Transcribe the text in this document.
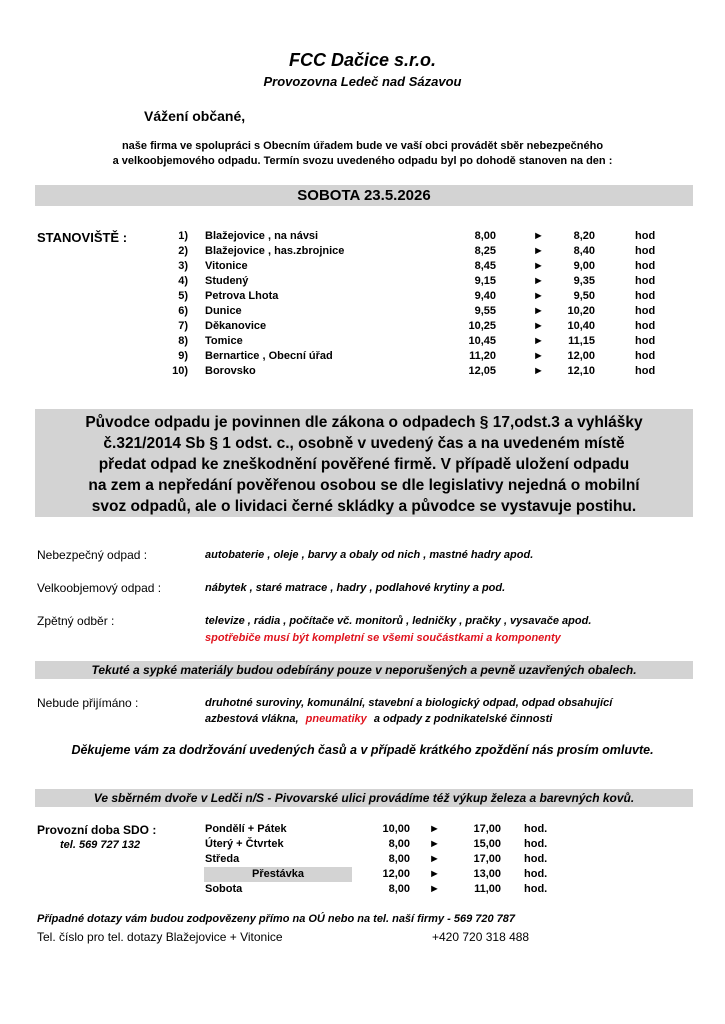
FCC Dačice s.r.o.
Provozovna Ledeč nad Sázavou
Vážení občané,
naše firma ve spolupráci s Obecním úřadem bude ve vaší obci provádět sběr nebezpečného
a velkoobjemového odpadu. Termín svozu uvedeného odpadu byl po dohodě stanoven na den :
SOBOTA 23.5.2026
STANOVIŠTĚ :	1) Blažejovice , na návsi	8,00	►	8,20	hod
2) Blažejovice , has.zbrojnice	8,25	►	8,40	hod
3) Vitonice	8,45	►	9,00	hod
4) Studený	9,15	►	9,35	hod
5) Petrova Lhota	9,40	►	9,50	hod
6) Dunice	9,55	►	10,20	hod
7) Děkanovice	10,25	►	10,40	hod
8) Tomice	10,45	►	11,15	hod
9) Bernartice , Obecní úřad	11,20	►	12,00	hod
10) Borovsko	12,05	►	12,10	hod
Původce odpadu je povinnen dle zákona o odpadech § 17,odst.3 a vyhlášky
č.321/2014 Sb § 1 odst. c., osobně v uvedený čas a na uvedeném místě
předat odpad ke zneškodnění pověřené firmě. V případě uložení odpadu
na zem a nepředání pověřenou osobou se dle legislativy nejedná o mobilní
svoz odpadů, ale o lividaci černé skládky a původce se vystavuje postihu.
Nebezpečný odpad :	autobaterie , oleje , barvy a obaly od nich , mastné hadry apod.
Velkoobjemový odpad :	nábytek , staré matrace , hadry , podlahové krytiny a pod.
Zpětný odběr :	televize , rádia , počítače vč. monitorů , ledničky , pračky , vysavače apod.
spotřebiče musí být kompletní se všemi součástkami a komponenty
Tekuté a sypké materiály budou odebírány pouze v neporušených a pevně uzavřených obalech.
Nebude přijímáno :	druhotné suroviny, komunální, stavební a biologický odpad, odpad obsahující
azbestová vlákna, pneumatiky a odpady z podnikatelské činnosti
Děkujeme vám za dodržování uvedených časů a v případě krátkého zpoždění nás prosím omluvte.
Ve sběrném dvoře v Ledči n/S - Pivovarské ulici provádíme též výkup železa a barevných kovů.
Provozní doba SDO :
tel. 569 727 132
Pondělí + Pátek	10,00 ►	17,00 hod.
Úterý + Čtvrtek	8,00 ►	15,00 hod.
Středa	8,00 ►	17,00 hod.
Přestávka	12,00 ►	13,00 hod.
Sobota	8,00 ►	11,00 hod.
Případné dotazy vám budou zodpovězeny přímo na OÚ nebo na tel. naší firmy - 569 720 787
Tel. číslo pro tel. dotazy Blažejovice + Vitonice	+420 720 318 488
